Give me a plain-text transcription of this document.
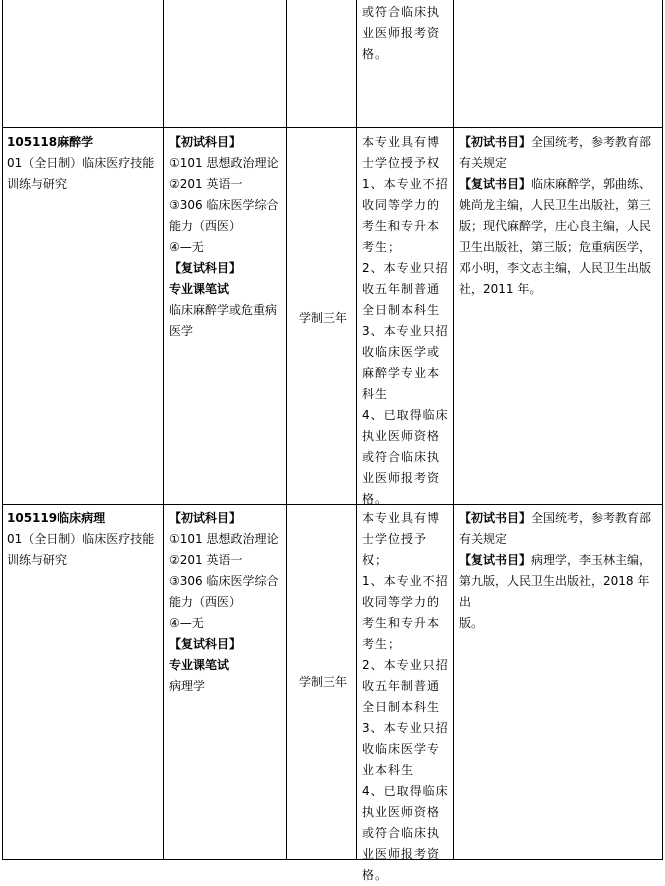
或符合临床执

业医师报考资

格。

105118麻醉学

01（全日制）临床医疗技能

训练与研究

【初试科目】

①101 思想政治理论

②201 英语一

③306 临床医学综合

能力（西医）

④—无

【复试科目】

专业课笔试

临床麻醉学或危重病

医学

学制三年

本专业具有博

士学位授予权

1、本专业不招

收同等学力的

考生和专升本

考生；

2、本专业只招

收五年制普通

全日制本科生

3、本专业只招

收临床医学或

麻醉学专业本

科生

4、已取得临床

执业医师资格

或符合临床执

业医师报考资

格。

【初试书目】全国统考，参考教育部

有关规定

【复试书目】临床麻醉学，郭曲练、

姚尚龙主编，人民卫生出版社，第三

版；现代麻醉学，庄心良主编，人民

卫生出版社，第三版；危重病医学，

邓小明，李文志主编，人民卫生出版

社，2011 年。

105119临床病理

01（全日制）临床医疗技能

训练与研究

【初试科目】

①101 思想政治理论

②201 英语一

③306 临床医学综合

能力（西医）

④—无

【复试科目】

专业课笔试

病理学	学制三年

本专业具有博

士学位授予权；

1、本专业不招

收同等学力的

考生和专升本

考生；

2、本专业只招

收五年制普通

全日制本科生

3、本专业只招

收临床医学专

业本科生

4、已取得临床

执业医师资格

或符合临床执

业医师报考资

格。

【初试书目】全国统考，参考教育部

有关规定

【复试书目】病理学，李玉林主编，

第九版，人民卫生出版社，2018 年出

版。
